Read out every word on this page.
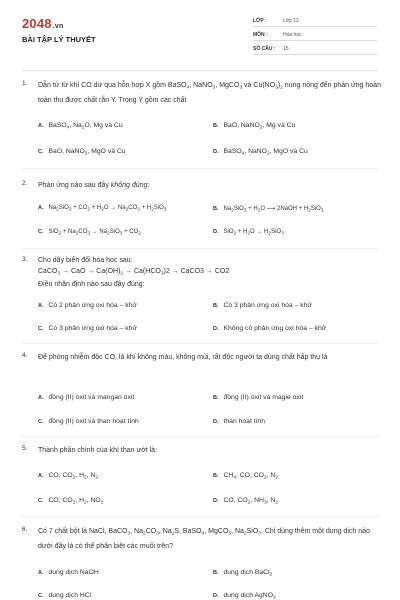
2048.vn
BÀI TẬP LÝ THUYẾT
LỚP :	Lớp 12
MÔN :	Hóa học
SỐ CÂU : 15
1. Dẫn từ từ khí CO dư qua hỗn hợp X gồm BaSO$_4$, NaNO$_3$, MgCO$_3$ và $Cu(NO_3)_2$ nung nóng đến phản ứng hoàn toàn thu được chất rắn Y. Trong Y gồm các chất
A. BaSO$_4$, $Na_2O$, Mg và Cu	B. BaO, NaNO$_2$, Mg và Cu
C. BaO, NaNO$_3$, MgO và Cu	D. BaSO$_4$, NaNO$_2$, MgO và Cu
2. Phản ứng nào sau đây không đúng:
A. $Na_2SiO_3 + CO_2 + H_2O \to Na_2CO_3 + H_2SiO_3$	B. $Na_2SiO_3 + H_2O$ ⟶ 2NaOH + $H_2SiO_3$
C. $SiO_2 + Na_2CO_3 \to Na_2SiO_3 + CO_2$	D. $SiO_2 + H_2O \to H_2SiO_3$
3. Cho dãy biến đổi hóa học sau:
CaCO$_3$ → CaO → $Ca(OH)_2 \to Ca(HCO_3)2$ → CaCO3 → CO2
Điều nhận định nào sau đây đúng:
A. Có 2 phản ứng oxi hóa – khử	B. Có 3 phản ứng oxi hóa – khử
C. Có 3 phản ứng oxi hóa – khử	D. Không có phản ứng oxi hóa – khử
4. Để phòng nhiễm độc CO, là khí không màu, không mùi, rất độc người ta dùng chất hấp thụ là
A. đồng (II) oxit và mangan oxit	B. đồng (II) oxit và magie oxit
C. đồng (II) oxit và than hoạt tính	D. than hoạt tính
5. Thành phần chính của khí than ướt là:
A. CO, $CO_2$, $H_2$, $N_2$	B. $CH_4$, CO, $CO_2$, $N_2$
C. CO, $CO_2$, $H_2$, $NO_2$	D. CO, $CO_2$, $NH_3$, $N_2$
6. Có 7 chất bột là NaCl, BaCO$_3$, $Na_2CO_3$, $Na_2S$, BaSO$_4$, MgCO$_3$, $Na_2SiO_3$. Chỉ dùng thêm một dung dịch nào dưới đây là có thể phân biệt các muối trên?
A. dung dịch NaOH	B. dung dịch BaCl$_2$
C. dung dịch HCl	D. dung dịch AgNO$_3$
